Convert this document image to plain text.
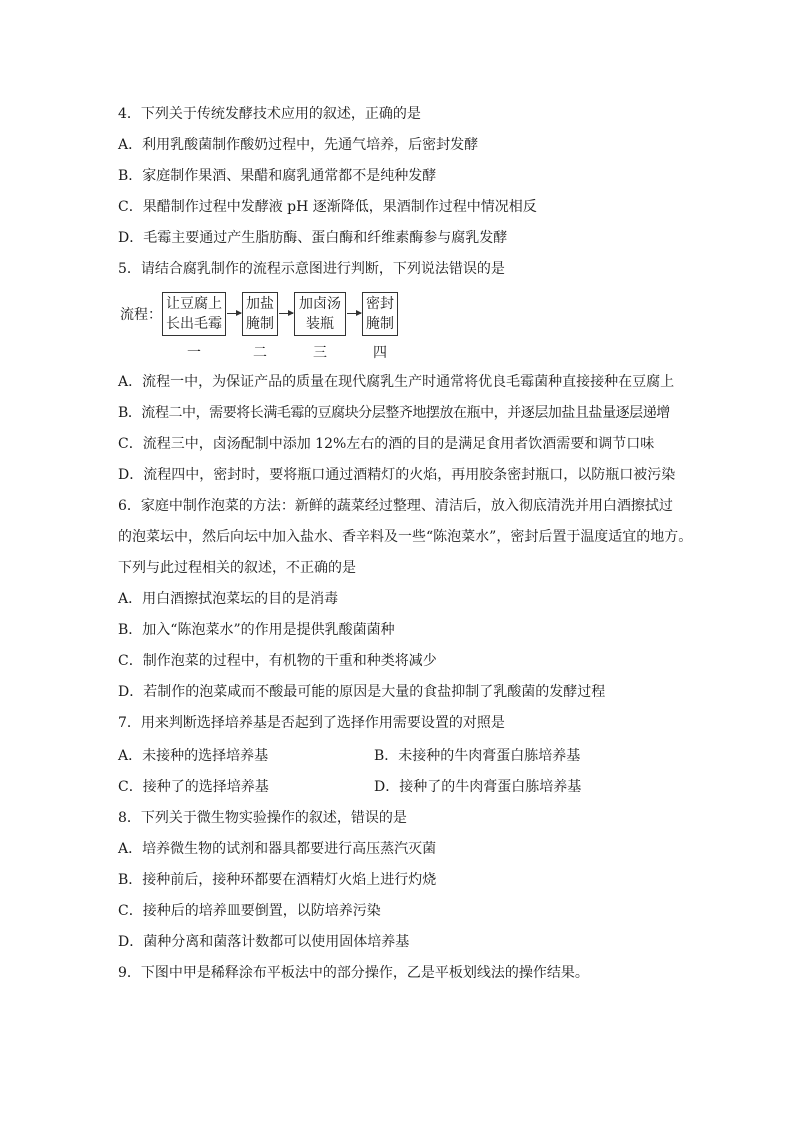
4．下列关于传统发酵技术应用的叙述，正确的是
A．利用乳酸菌制作酸奶过程中，先通气培养，后密封发酵
B．家庭制作果酒、果醋和腐乳通常都不是纯种发酵
C．果醋制作过程中发酵液 pH 逐渐降低，果酒制作过程中情况相反
D．毛霉主要通过产生脂肪酶、蛋白酶和纤维素酶参与腐乳发酵
5．请结合腐乳制作的流程示意图进行判断，下列说法错误的是
流程：
让豆腐上
长出毛霉
加盐
腌制
加卤汤
装瓶
密封
腌制
一	二	三	四
A．流程一中，为保证产品的质量在现代腐乳生产时通常将优良毛霉菌种直接接种在豆腐上
B．流程二中，需要将长满毛霉的豆腐块分层整齐地摆放在瓶中，并逐层加盐且盐量逐层递增
C．流程三中，卤汤配制中添加 12%左右的酒的目的是满足食用者饮酒需要和调节口味
D．流程四中，密封时，要将瓶口通过酒精灯的火焰，再用胶条密封瓶口，以防瓶口被污染
6．家庭中制作泡菜的方法：新鲜的蔬菜经过整理、清洁后，放入彻底清洗并用白酒擦拭过
的泡菜坛中，然后向坛中加入盐水、香辛料及一些“陈泡菜水”，密封后置于温度适宜的地方。
下列与此过程相关的叙述，不正确的是
A．用白酒擦拭泡菜坛的目的是消毒
B．加入“陈泡菜水”的作用是提供乳酸菌菌种
C．制作泡菜的过程中，有机物的干重和种类将减少
D．若制作的泡菜咸而不酸最可能的原因是大量的食盐抑制了乳酸菌的发酵过程
7．用来判断选择培养基是否起到了选择作用需要设置的对照是
A．未接种的选择培养基	B．未接种的牛肉膏蛋白胨培养基
C．接种了的选择培养基	D．接种了的牛肉膏蛋白胨培养基
8．下列关于微生物实验操作的叙述，错误的是
A．培养微生物的试剂和器具都要进行高压蒸汽灭菌
B．接种前后，接种环都要在酒精灯火焰上进行灼烧
C．接种后的培养皿要倒置，以防培养污染
D．菌种分离和菌落计数都可以使用固体培养基
9．下图中甲是稀释涂布平板法中的部分操作，乙是平板划线法的操作结果。
